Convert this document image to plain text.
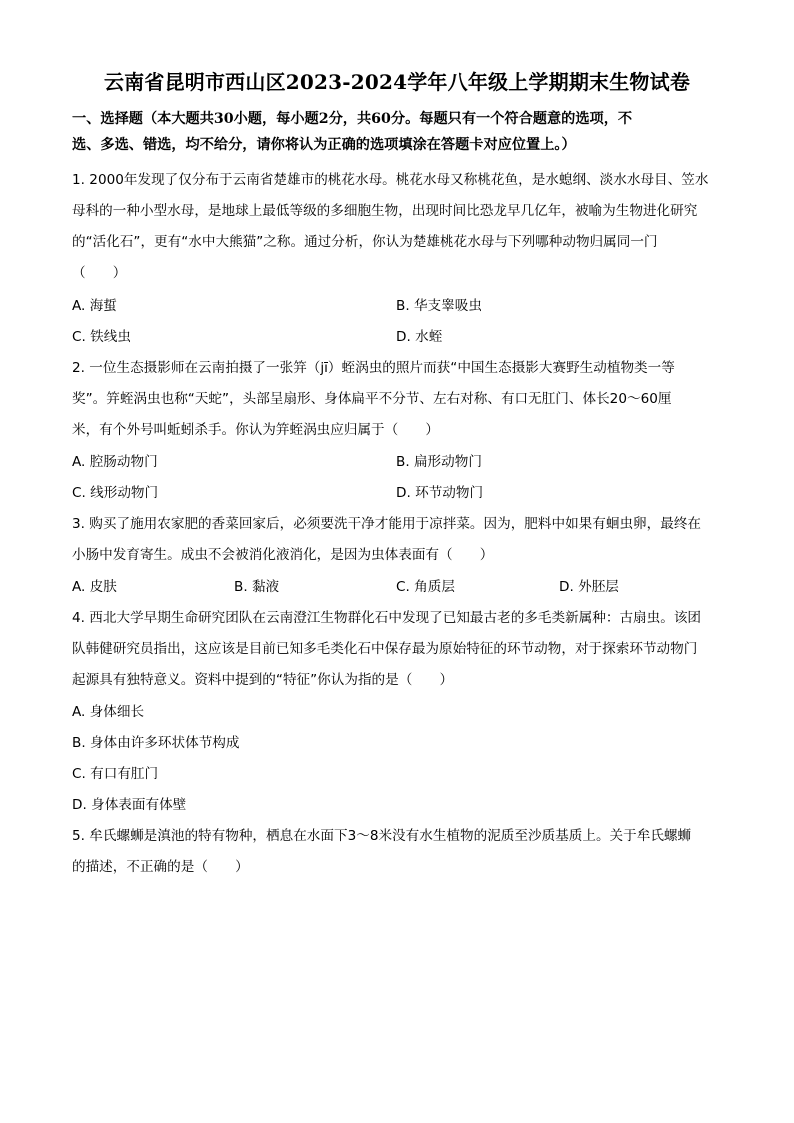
云南省昆明市西山区2023-2024学年八年级上学期期末生物试卷
一、选择题（本大题共30小题，每小题2分，共60分。每题只有一个符合题意的选项，不
选、多选、错选，均不给分，请你将认为正确的选项填涂在答题卡对应位置上。）
1. 2000年发现了仅分布于云南省楚雄市的桃花水母。桃花水母又称桃花鱼，是水螅纲、淡水水母目、笠水
母科的一种小型水母，是地球上最低等级的多细胞生物，出现时间比恐龙早几亿年，被喻为生物进化研究
的“活化石”，更有“水中大熊猫”之称。通过分析，你认为楚雄桃花水母与下列哪种动物归属同一门
（　　）
A. 海蜇	B. 华支睾吸虫
C. 铁线虫	D. 水蛭
2. 一位生态摄影师在云南拍摄了一张笄（jī）蛭涡虫的照片而获“中国生态摄影大赛野生动植物类一等
奖”。笄蛭涡虫也称“天蛇”，头部呈扇形、身体扁平不分节、左右对称、有口无肛门、体长20～60厘
米，有个外号叫蚯蚓杀手。你认为笄蛭涡虫应归属于（　　）
A. 腔肠动物门	B. 扁形动物门
C. 线形动物门	D. 环节动物门
3. 购买了施用农家肥的香菜回家后，必须要洗干净才能用于凉拌菜。因为，肥料中如果有蛔虫卵，最终在
小肠中发育寄生。成虫不会被消化液消化，是因为虫体表面有（　　）
A. 皮肤	B. 黏液	C. 角质层	D. 外胚层
4. 西北大学早期生命研究团队在云南澄江生物群化石中发现了已知最古老的多毛类新属种：古扇虫。该团
队韩健研究员指出，这应该是目前已知多毛类化石中保存最为原始特征的环节动物，对于探索环节动物门
起源具有独特意义。资料中提到的“特征”你认为指的是（　　）
A. 身体细长
B. 身体由许多环状体节构成
C. 有口有肛门
D. 身体表面有体壁
5. 牟氏螺蛳是滇池的特有物种，栖息在水面下3～8米没有水生植物的泥质至沙质基质上。关于牟氏螺蛳
的描述，不正确的是（　　）
